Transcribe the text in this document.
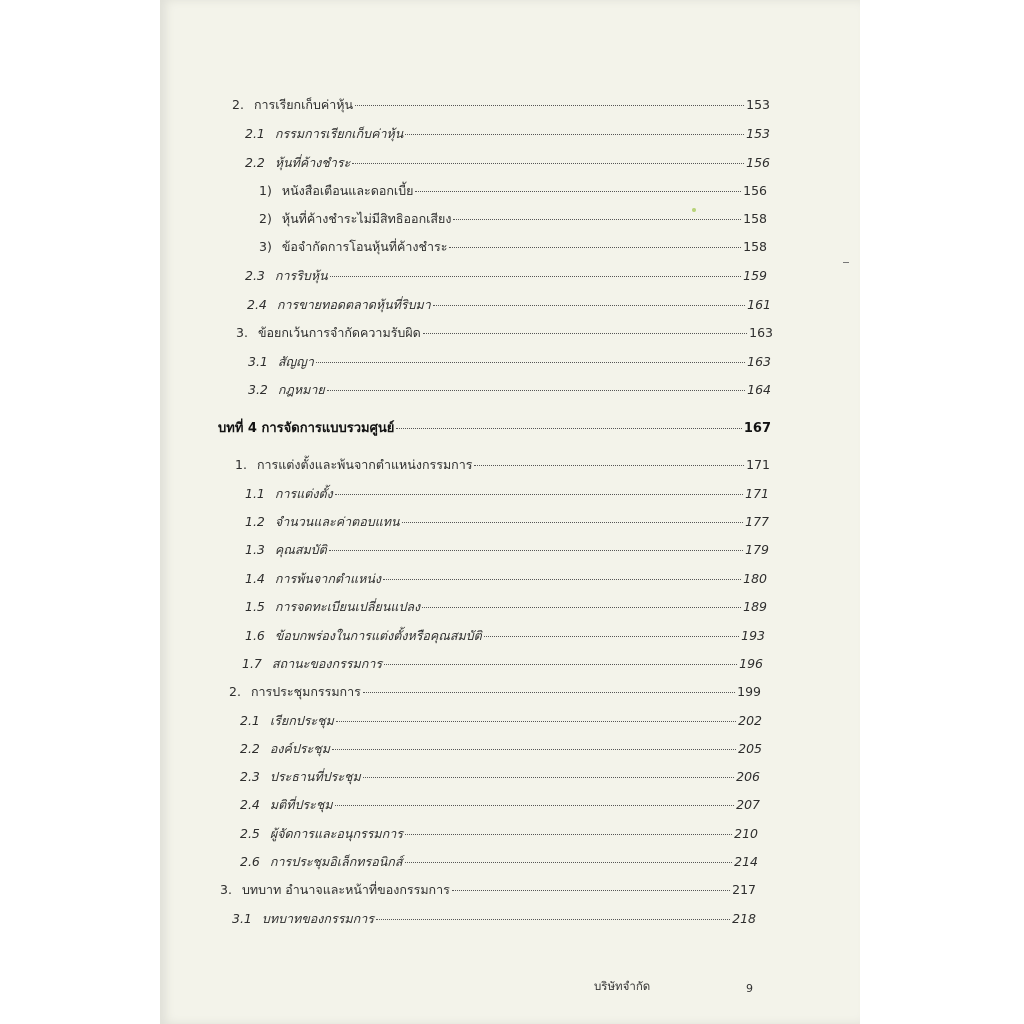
2. การเรียกเก็บค่าหุ้น	153
2.1 กรรมการเรียกเก็บค่าหุ้น	153
2.2 หุ้นที่ค้างชำระ	156
1) หนังสือเตือนและดอกเบี้ย	156
2) หุ้นที่ค้างชำระไม่มีสิทธิออกเสียง	158
3) ข้อจำกัดการโอนหุ้นที่ค้างชำระ	158
2.3 การริบหุ้น	159
2.4 การขายทอดตลาดหุ้นที่ริบมา	161
3. ข้อยกเว้นการจำกัดความรับผิด	163
3.1 สัญญา	163
3.2 กฎหมาย	164
บทที่ 4 การจัดการแบบรวมศูนย์	167
1. การแต่งตั้งและพ้นจากตำแหน่งกรรมการ	171
1.1 การแต่งตั้ง	171
1.2 จำนวนและค่าตอบแทน	177
1.3 คุณสมบัติ	179
1.4 การพ้นจากตำแหน่ง	180
1.5 การจดทะเบียนเปลี่ยนแปลง	189
1.6 ข้อบกพร่องในการแต่งตั้งหรือคุณสมบัติ	193
1.7 สถานะของกรรมการ	196
2. การประชุมกรรมการ	199
2.1 เรียกประชุม	202
2.2 องค์ประชุม	205
2.3 ประธานที่ประชุม	206
2.4 มติที่ประชุม	207
2.5 ผู้จัดการและอนุกรรมการ	210
2.6 การประชุมอิเล็กทรอนิกส์	214
3. บทบาท อำนาจและหน้าที่ของกรรมการ	217
3.1 บทบาทของกรรมการ	218
บริษัทจำกัด	9
